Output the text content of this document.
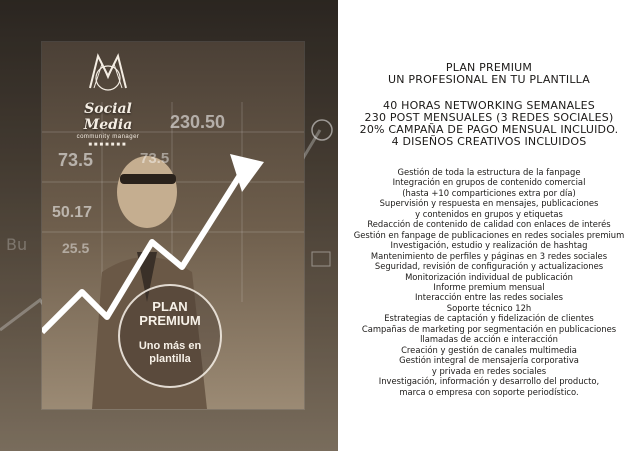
Bu
73.5
230.50
73.5
50.17
25.5
Social Media
community manager
■■■■■■■
PLAN
PREMIUM
Uno más en
plantilla
PLAN PREMIUM
UN PROFESIONAL EN TU PLANTILLA
40 HORAS NETWORKING SEMANALES
230 POST MENSUALES (3 REDES SOCIALES)
20% CAMPAÑA DE PAGO MENSUAL INCLUIDO.
4 DISEÑOS CREATIVOS INCLUIDOS
Gestión de toda la estructura de la fanpage
Integración en grupos de contenido comercial
(hasta +10 comparticiones extra por día)
Supervisión y respuesta en mensajes, publicaciones
y contenidos en grupos y etiquetas
Redacción de contenido de calidad con enlaces de interés
Gestión en fanpage de publicaciones en redes sociales premium
Investigación, estudio y realización de hashtag
Mantenimiento de perfiles y páginas en 3 redes sociales
Seguridad, revisión de configuración y actualizaciones
Monitorización individual de publicación
Informe premium mensual
Interacción entre las redes sociales
Soporte técnico 12h
Estrategias de captación y fidelización de clientes
Campañas de marketing por segmentación en publicaciones
llamadas de acción e interacción
Creación y gestión de canales multimedia
Gestión integral de mensajería corporativa
y privada en redes sociales
Investigación, información y desarrollo del producto,
marca o empresa con soporte periodístico.
